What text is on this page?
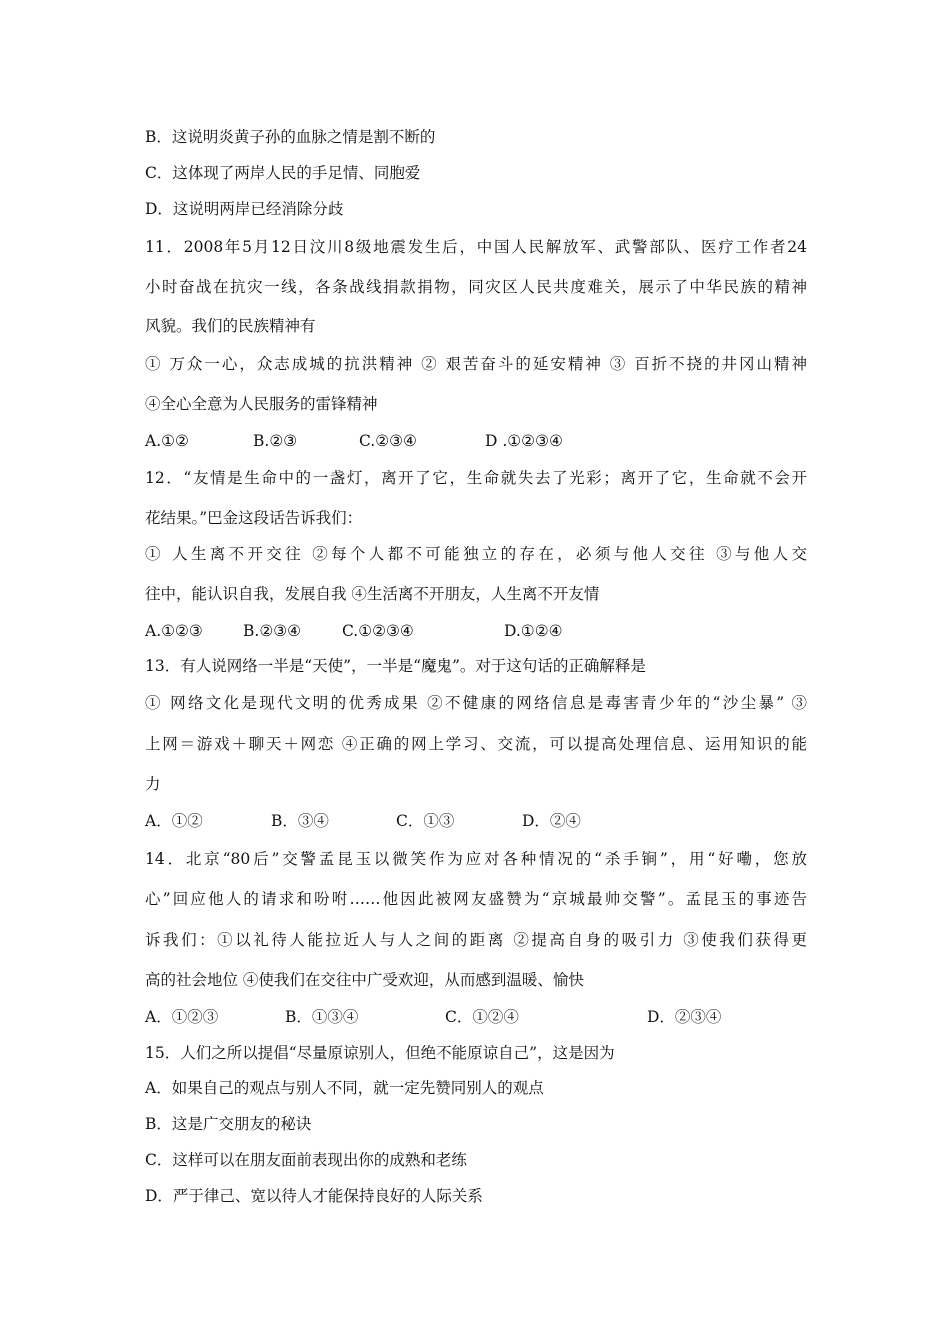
B．这说明炎黄子孙的血脉之情是割不断的
C．这体现了两岸人民的手足情、同胞爱
D．这说明两岸已经消除分歧
11．2008年5月12日汶川8级地震发生后，中国人民解放军、武警部队、医疗工作者24
小时奋战在抗灾一线，各条战线捐款捐物，同灾区人民共度难关，展示了中华民族的精神
风貌。我们的民族精神有
① 万众一心，众志成城的抗洪精神 ② 艰苦奋斗的延安精神 ③ 百折不挠的井冈山精神
④全心全意为人民服务的雷锋精神
A.①②	B.②③	C.②③④	D .①②③④
12．“友情是生命中的一盏灯，离开了它，生命就失去了光彩；离开了它，生命就不会开
花结果。”巴金这段话告诉我们：
① 人生离不开交往 ②每个人都不可能独立的存在，必须与他人交往 ③与他人交
往中，能认识自我，发展自我 ④生活离不开朋友，人生离不开友情
A.①②③	B.②③④	C.①②③④	D.①②④
13．有人说网络一半是“天使”，一半是“魔鬼”。对于这句话的正确解释是
① 网络文化是现代文明的优秀成果 ②不健康的网络信息是毒害青少年的“沙尘暴” ③
上网＝游戏＋聊天＋网恋 ④正确的网上学习、交流，可以提高处理信息、运用知识的能
力
A．①②	B．③④	C．①③	D．②④
14．北京“80后”交警孟昆玉以微笑作为应对各种情况的“杀手锏”，用“好嘞，您放
心”回应他人的请求和吩咐……他因此被网友盛赞为“京城最帅交警”。孟昆玉的事迹告
诉我们：①以礼待人能拉近人与人之间的距离 ②提高自身的吸引力 ③使我们获得更
高的社会地位 ④使我们在交往中广受欢迎，从而感到温暖、愉快
A．①②③	B．①③④	C．①②④	D．②③④
15．人们之所以提倡“尽量原谅别人，但绝不能原谅自己”，这是因为
A．如果自己的观点与别人不同，就一定先赞同别人的观点
B．这是广交朋友的秘诀
C．这样可以在朋友面前表现出你的成熟和老练
D．严于律己、宽以待人才能保持良好的人际关系
